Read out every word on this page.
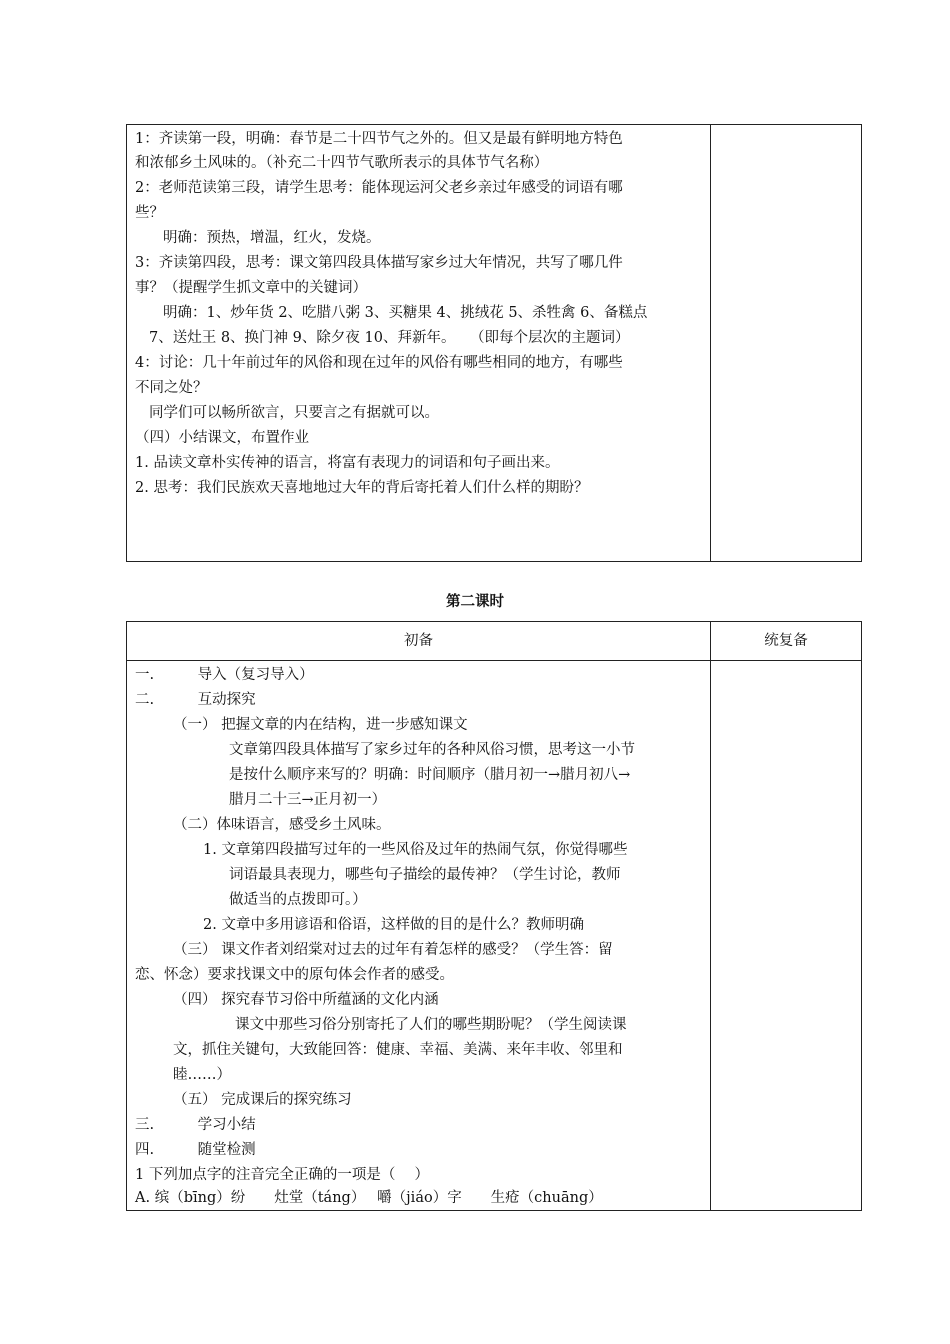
1：齐读第一段，明确：春节是二十四节气之外的。但又是最有鲜明地方特色
和浓郁乡土风味的。（补充二十四节气歌所表示的具体节气名称）
2：老师范读第三段，请学生思考：能体现运河父老乡亲过年感受的词语有哪
些？
明确：预热，增温，红火，发烧。
3：齐读第四段，思考：课文第四段具体描写家乡过大年情况，共写了哪几件
事？（提醒学生抓文章中的关键词）
明确：1、炒年货 2、吃腊八粥 3、买糖果 4、挑绒花 5、杀牲禽 6、备糕点
7、送灶王 8、换门神 9、除夕夜 10、拜新年。　　（即每个层次的主题词）
4：讨论：几十年前过年的风俗和现在过年的风俗有哪些相同的地方，有哪些
不同之处？
同学们可以畅所欲言，只要言之有据就可以。
（四）小结课文，布置作业
1. 品读文章朴实传神的语言，将富有表现力的词语和句子画出来。
2. 思考：我们民族欢天喜地地过大年的背后寄托着人们什么样的期盼？
第二课时
初备	统复备
一.　　　导入（复习导入）
二.　　　互动探究
（一） 把握文章的内在结构，进一步感知课文
文章第四段具体描写了家乡过年的各种风俗习惯，思考这一小节
是按什么顺序来写的？明确：时间顺序（腊月初一→腊月初八→
腊月二十三→正月初一）
（二）体味语言，感受乡土风味。
1. 文章第四段描写过年的一些风俗及过年的热闹气氛，你觉得哪些
词语最具表现力，哪些句子描绘的最传神？（学生讨论，教师
做适当的点拨即可。）
2. 文章中多用谚语和俗语，这样做的目的是什么？教师明确
（三） 课文作者刘绍棠对过去的过年有着怎样的感受？（学生答：留
恋、怀念）要求找课文中的原句体会作者的感受。
（四） 探究春节习俗中所蕴涵的文化内涵
课文中那些习俗分别寄托了人们的哪些期盼呢？（学生阅读课
文，抓住关键句，大致能回答：健康、幸福、美满、来年丰收、邻里和
睦……）
（五） 完成课后的探究练习
三.　　　学习小结
四.　　　随堂检测
1 下列加点字的注音完全正确的一项是（　 ）
A. 缤（bīng）纷　　灶堂（táng）　 嚼（jiáo）字　　生疮（chuāng）
